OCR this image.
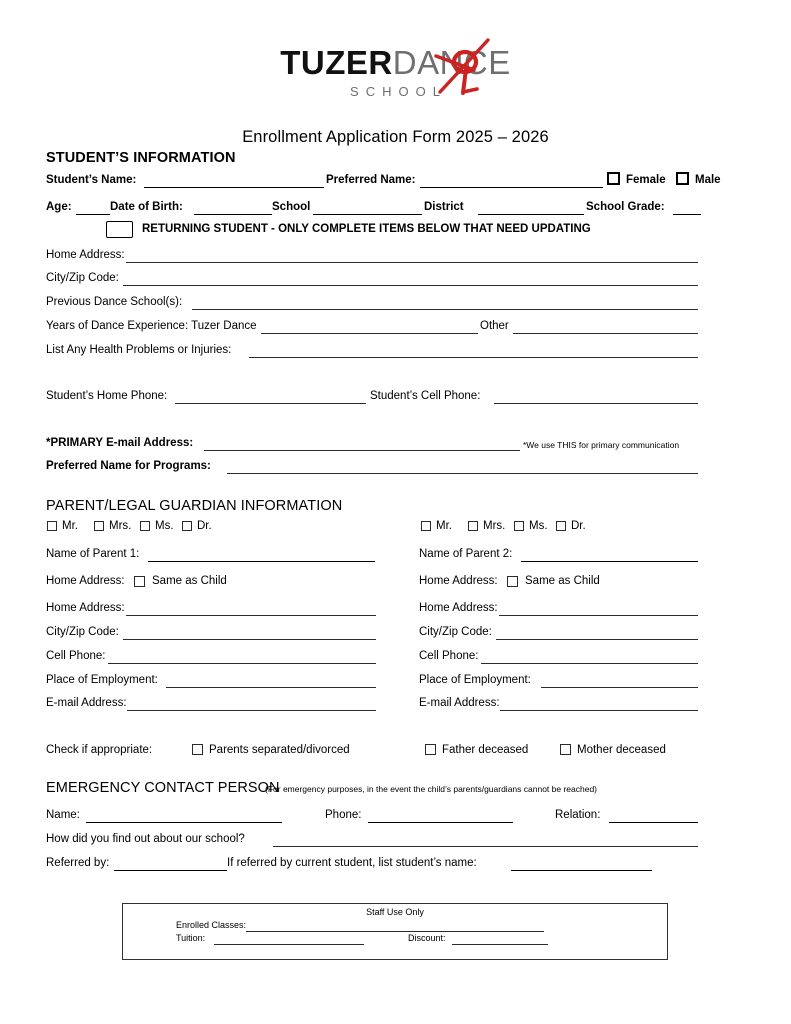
TUZERDANCE
SCHOOL
Enrollment Application Form 2025 – 2026
STUDENT’S INFORMATION
Student’s Name:	Preferred Name:	Female	Male
Age:	Date of Birth:	School	District	School Grade:
RETURNING STUDENT - ONLY COMPLETE ITEMS BELOW THAT NEED UPDATING
Home Address:
City/Zip Code:
Previous Dance School(s):
Years of Dance Experience: Tuzer Dance	Other
List Any Health Problems or Injuries:
Student’s Home Phone:	Student’s Cell Phone:
*PRIMARY E-mail Address:	*We use THIS for primary communication
Preferred Name for Programs:
PARENT/LEGAL GUARDIAN INFORMATION
Mr.	Mrs. Ms. Dr.	Mr.	Mrs. Ms. Dr.
Name of Parent 1:	Name of Parent 2:
Home Address: Same as Child	Home Address: Same as Child
Home Address:	Home Address:
City/Zip Code:	City/Zip Code:
Cell Phone:	Cell Phone:
Place of Employment:	Place of Employment:
E-mail Address:	E-mail Address:
Check if appropriate:	Parents separated/divorced	Father deceased	Mother deceased
EMERGENCY CONTACT PERSON
(For emergency purposes, in the event the child’s parents/guardians cannot be reached)
Name:	Phone:	Relation:
How did you find out about our school?
Referred by:	If referred by current student, list student’s name:
Staff Use Only
Enrolled Classes:
Tuition:	Discount:
